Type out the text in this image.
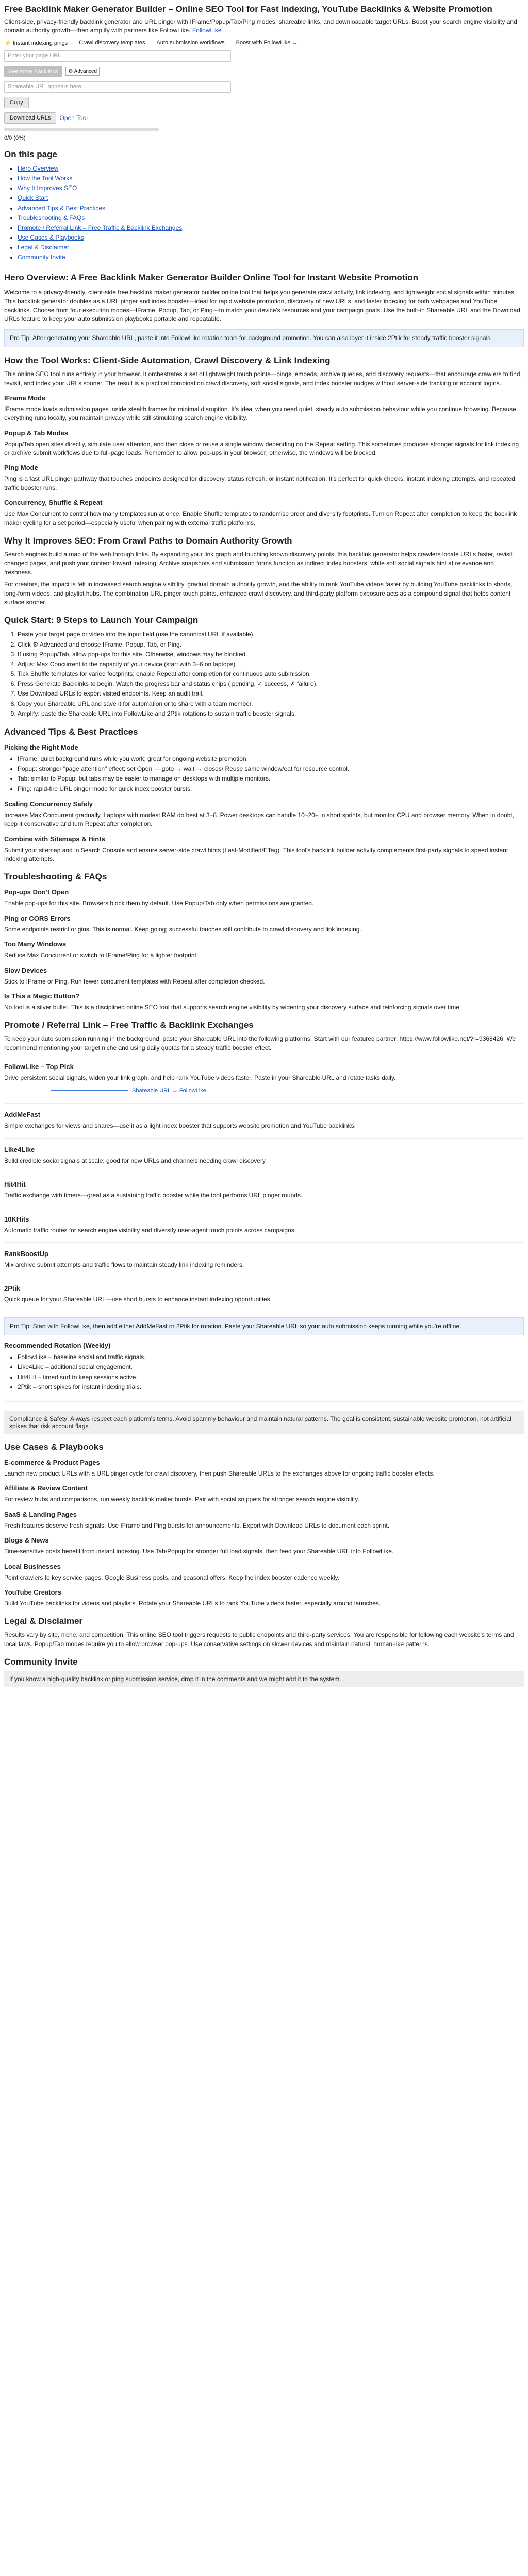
Free Backlink Maker Generator Builder – Online SEO Tool for Fast Indexing, YouTube Backlinks & Website Promotion

Client-side, privacy-friendly backlink generator and URL pinger with IFrame/Popup/Tab/Ping modes, shareable links, and downloadable target URLs. Boost your search engine visibility and domain authority growth—then amplify with partners like FollowLike. FollowLike

⚡ Instant indexing pings Crawl discovery templates Auto submission workflows Boost with FollowLike →
Enter your page URL...
Generate Backlinks	⚙ Advanced
Shareable URL appears here...
Copy
Download URLs	Open Tool
0/0 (0%)
On this page
• Hero Overview
• How the Tool Works
• Why It Improves SEO
• Quick Start
• Advanced Tips & Best Practices
• Troubleshooting & FAQs
• Promote / Referral Link – Free Traffic & Backlink Exchanges
• Use Cases & Playbooks
• Legal & Disclaimer
• Community Invite
Hero Overview: A Free Backlink Maker Generator Builder Online Tool for Instant Website Promotion

Welcome to a privacy-friendly, client-side free backlink maker generator builder online tool that helps you generate crawl activity, link indexing, and lightweight social signals within minutes. This backlink generator doubles as a URL pinger and index booster—ideal for rapid website promotion, discovery of new URLs, and faster indexing for both webpages and YouTube backlinks. Choose from four execution modes—IFrame, Popup, Tab, or Ping—to match your device's resources and your campaign goals. Use the built-in Shareable URL and the Download URLs feature to keep your auto submission playbooks portable and repeatable.

Pro Tip: After generating your Shareable URL, paste it into FollowLike rotation tools for background promotion. You can also layer it inside 2Ptik for steady traffic booster signals.
How the Tool Works: Client-Side Automation, Crawl Discovery & Link Indexing

This online SEO tool runs entirely in your browser. It orchestrates a set of lightweight touch points—pings, embeds, archive queries, and discovery requests—that encourage crawlers to find, revisit, and index your URLs sooner. The result is a practical combination crawl discovery, soft social signals, and index booster nudges without server-side tracking or account logins.

IFrame Mode

IFrame mode loads submission pages inside stealth frames for minimal disruption. It's ideal when you need quiet, steady auto submission behaviour while you continue browsing. Because everything runs locally, you maintain privacy while still stimulating search engine visibility.

Popup & Tab Modes

Popup/Tab open sites directly, simulate user attention, and then close or reuse a single window depending on the Repeat setting. This sometimes produces stronger signals for link indexing or archive submit workflows due to full-page loads. Remember to allow pop-ups in your browser; otherwise, the windows will be blocked.

Ping Mode

Ping is a fast URL pinger pathway that touches endpoints designed for discovery, status refresh, or instant notification. It's perfect for quick checks, instant indexing attempts, and repeated traffic booster runs.

Concurrency, Shuffle & Repeat

Use Max Concurrent to control how many templates run at once. Enable Shuffle templates to randomise order and diversify footprints. Turn on Repeat after completion to keep the backlink maker cycling for a set period—especially useful when pairing with external traffic platforms.

Why It Improves SEO: From Crawl Paths to Domain Authority Growth

Search engines build a map of the web through links. By expanding your link graph and touching known discovery points, this backlink generator helps crawlers locate URLs faster, revisit changed pages, and push your content toward indexing. Archive snapshots and submission forms function as indirect index boosters, while soft social signals hint at relevance and freshness.

For creators, the impact is felt in increased search engine visibility, gradual domain authority growth, and the ability to rank YouTube videos faster by building YouTube backlinks to shorts, long-form videos, and playlist hubs. The combination URL pinger touch points, enhanced crawl discovery, and third-party platform exposure acts as a compound signal that helps content surface sooner.

Quick Start: 9 Steps to Launch Your Campaign
1. Paste your target page or video into the input field (use the canonical URL if available).
2. Click ⚙ Advanced and choose IFrame, Popup, Tab, or Ping.
3. If using Popup/Tab, allow pop-ups for this site. Otherwise, windows may be blocked.
4. Adjust Max Concurrent to the capacity of your device (start with 3–6 on laptops).
5. Tick Shuffle templates for varied footprints; enable Repeat after completion for continuous auto submission.
6. Press Generate Backlinks to begin. Watch the progress bar and status chips ( pending, ✓ success, ✗ failure).
7. Use Download URLs to export visited endpoints. Keep an audit trail.
8. Copy your Shareable URL and save it for automation or to share with a team member.
9. Amplify: paste the Shareable URL into FollowLike and 2Ptik rotations to sustain traffic booster signals.
Advanced Tips & Best Practices
Picking the Right Mode
• IFrame: quiet background runs while you work; great for ongoing website promotion.
• Popup: stronger "page attention" effect; set Open → goto → wait → closes/ Reuse same window/eat for resource control.
• Tab: similar to Popup, but tabs may be easier to manage on desktops with multiple monitors.
• Ping: rapid-fire URL pinger mode for quick index booster bursts.
Scaling Concurrency Safely

Increase Max Concurrent gradually. Laptops with modest RAM do best at 3–8. Power desktops can handle 10–20+ in short sprints, but monitor CPU and browser memory. When in doubt, keep it conservative and turn Repeat after completion.

Combine with Sitemaps & Hints

Submit your sitemap and in Search Console and ensure server-side crawl hints (Last-Modified/ETag). This tool's backlink builder activity complements first-party signals to speed instant indexing attempts.

Troubleshooting & FAQs
Pop-ups Don't Open

Enable pop-ups for this site. Browsers block them by default. Use Popup/Tab only when permissions are granted.

Ping or CORS Errors

Some endpoints restrict origins. This is normal. Keep going; successful touches still contribute to crawl discovery and link indexing.

Too Many Windows

Reduce Max Concurrent or switch to IFrame/Ping for a lighter footprint.

Slow Devices

Stick to IFrame or Ping. Run fewer concurrent templates with Repeat after completion checked.

Is This a Magic Button?

No tool is a silver bullet. This is a disciplined online SEO tool that supports search engine visibility by widening your discovery surface and reinforcing signals over time.

Promote / Referral Link – Free Traffic & Backlink Exchanges

To keep your auto submission running in the background, paste your Shareable URL into the following platforms. Start with our featured partner: https://www.followlike.net/?r=9368426. We recommend mentioning your target niche and using daily quotas for a steady traffic booster effect.

FollowLike – Top Pick

Drive persistent social signals, widen your link graph, and help rank YouTube videos faster. Paste in your Shareable URL and rotate tasks daily.

Shareable URL → FollowLike
AddMeFast

Simple exchanges for views and shares—use it as a light index booster that supports website promotion and YouTube backlinks.

Like4Like

Build credible social signals at scale; good for new URLs and channels needing crawl discovery.

Hit4Hit

Traffic exchange with timers—great as a sustaining traffic booster while the tool performs URL pinger rounds.

10KHits

Automatic traffic routes for search engine visibility and diversify user-agent touch points across campaigns.

RankBoostUp

Mix archive submit attempts and traffic flows to maintain steady link indexing reminders.

2Ptik

Quick queue for your Shareable URL—use short bursts to enhance instant indexing opportunities.

Pro Tip: Start with FollowLike, then add either AddMeFast or 2Ptik for rotation. Paste your Shareable URL so your auto submission keeps running while you're offline.
Recommended Rotation (Weekly)
• FollowLike – baseline social and traffic signals.
• Like4Like – additional social engagement.
• Hit4Hit – timed surf to keep sessions active.
• 2Ptik – short spikes for instant indexing trials.
Compliance & Safety: Always respect each platform's terms. Avoid spammy behaviour and maintain natural patterns. The goal is consistent, sustainable website promotion, not artificial spikes that risk account flags.
Use Cases & Playbooks
E-commerce & Product Pages

Launch new product URLs with a URL pinger cycle for crawl discovery, then push Shareable URLs to the exchanges above for ongoing traffic booster effects.

Affiliate & Review Content

For review hubs and comparisons, run weekly backlink maker bursts. Pair with social snippets for stronger search engine visibility.

SaaS & Landing Pages

Fresh features deserve fresh signals. Use IFrame and Ping bursts for announcements. Export with Download URLs to document each sprint.

Blogs & News

Time-sensitive posts benefit from instant indexing. Use Tab/Popup for stronger full load signals, then feed your Shareable URL into FollowLike.

Local Businesses

Point crawlers to key service pages, Google Business posts, and seasonal offers. Keep the index booster cadence weekly.

YouTube Creators

Build YouTube backlinks for videos and playlists. Rotate your Shareable URLs to rank YouTube videos faster, especially around launches.

Legal & Disclaimer

Results vary by site, niche, and competition. This online SEO tool triggers requests to public endpoints and third-party services. You are responsible for following each website's terms and local laws. Popup/Tab modes require you to allow browser pop-ups. Use conservative settings on slower devices and maintain natural, human-like patterns.

Community Invite
If you know a high-quality backlink or ping submission service, drop it in the comments and we might add it to the system.
